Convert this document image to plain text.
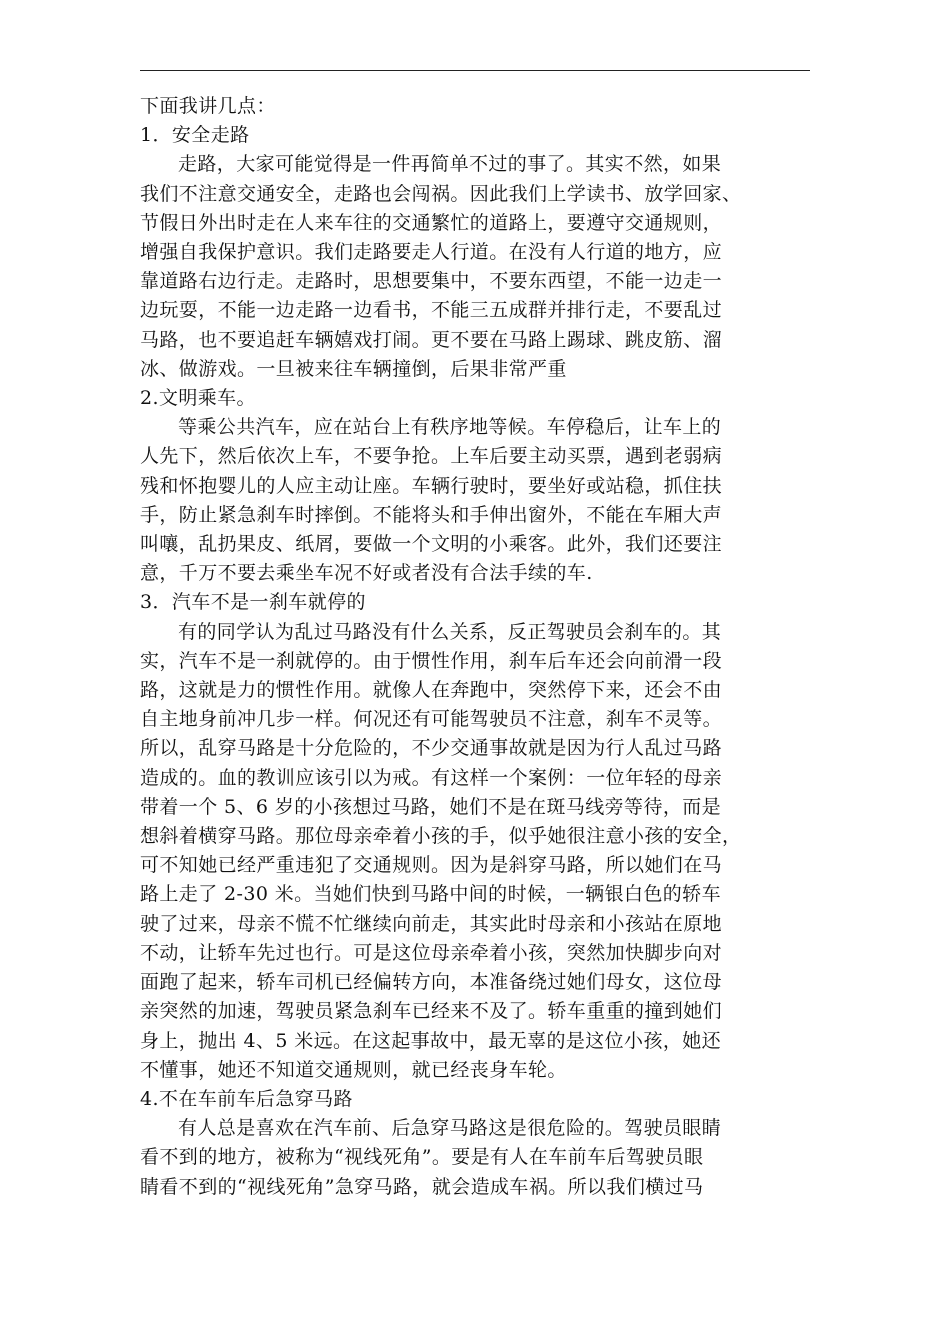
下面我讲几点：
1．安全走路
走路，大家可能觉得是一件再简单不过的事了。其实不然，如果
我们不注意交通安全，走路也会闯祸。因此我们上学读书、放学回家、
节假日外出时走在人来车往的交通繁忙的道路上，要遵守交通规则，
增强自我保护意识。我们走路要走人行道。在没有人行道的地方，应
靠道路右边行走。走路时，思想要集中，不要东西望，不能一边走一
边玩耍，不能一边走路一边看书，不能三五成群并排行走，不要乱过
马路，也不要追赶车辆嬉戏打闹。更不要在马路上踢球、跳皮筋、溜
冰、做游戏。一旦被来往车辆撞倒，后果非常严重
2.文明乘车。
等乘公共汽车，应在站台上有秩序地等候。车停稳后，让车上的
人先下，然后依次上车，不要争抢。上车后要主动买票，遇到老弱病
残和怀抱婴儿的人应主动让座。车辆行驶时，要坐好或站稳，抓住扶
手，防止紧急刹车时摔倒。不能将头和手伸出窗外，不能在车厢大声
叫嚷，乱扔果皮、纸屑，要做一个文明的小乘客。此外，我们还要注
意，千万不要去乘坐车况不好或者没有合法手续的车.
3．汽车不是一刹车就停的
有的同学认为乱过马路没有什么关系，反正驾驶员会刹车的。其
实，汽车不是一刹就停的。由于惯性作用，刹车后车还会向前滑一段
路，这就是力的惯性作用。就像人在奔跑中，突然停下来，还会不由
自主地身前冲几步一样。何况还有可能驾驶员不注意，刹车不灵等。
所以，乱穿马路是十分危险的，不少交通事故就是因为行人乱过马路
造成的。血的教训应该引以为戒。有这样一个案例：一位年轻的母亲
带着一个 5、6 岁的小孩想过马路，她们不是在斑马线旁等待，而是
想斜着横穿马路。那位母亲牵着小孩的手，似乎她很注意小孩的安全，
可不知她已经严重违犯了交通规则。因为是斜穿马路，所以她们在马
路上走了 2-30 米。当她们快到马路中间的时候，一辆银白色的轿车
驶了过来，母亲不慌不忙继续向前走，其实此时母亲和小孩站在原地
不动，让轿车先过也行。可是这位母亲牵着小孩，突然加快脚步向对
面跑了起来，轿车司机已经偏转方向，本准备绕过她们母女，这位母
亲突然的加速，驾驶员紧急刹车已经来不及了。轿车重重的撞到她们
身上，抛出 4、5 米远。在这起事故中，最无辜的是这位小孩，她还
不懂事，她还不知道交通规则，就已经丧身车轮。
4.不在车前车后急穿马路
有人总是喜欢在汽车前、后急穿马路这是很危险的。驾驶员眼睛
看不到的地方，被称为“视线死角”。要是有人在车前车后驾驶员眼
睛看不到的“视线死角”急穿马路，就会造成车祸。所以我们横过马
